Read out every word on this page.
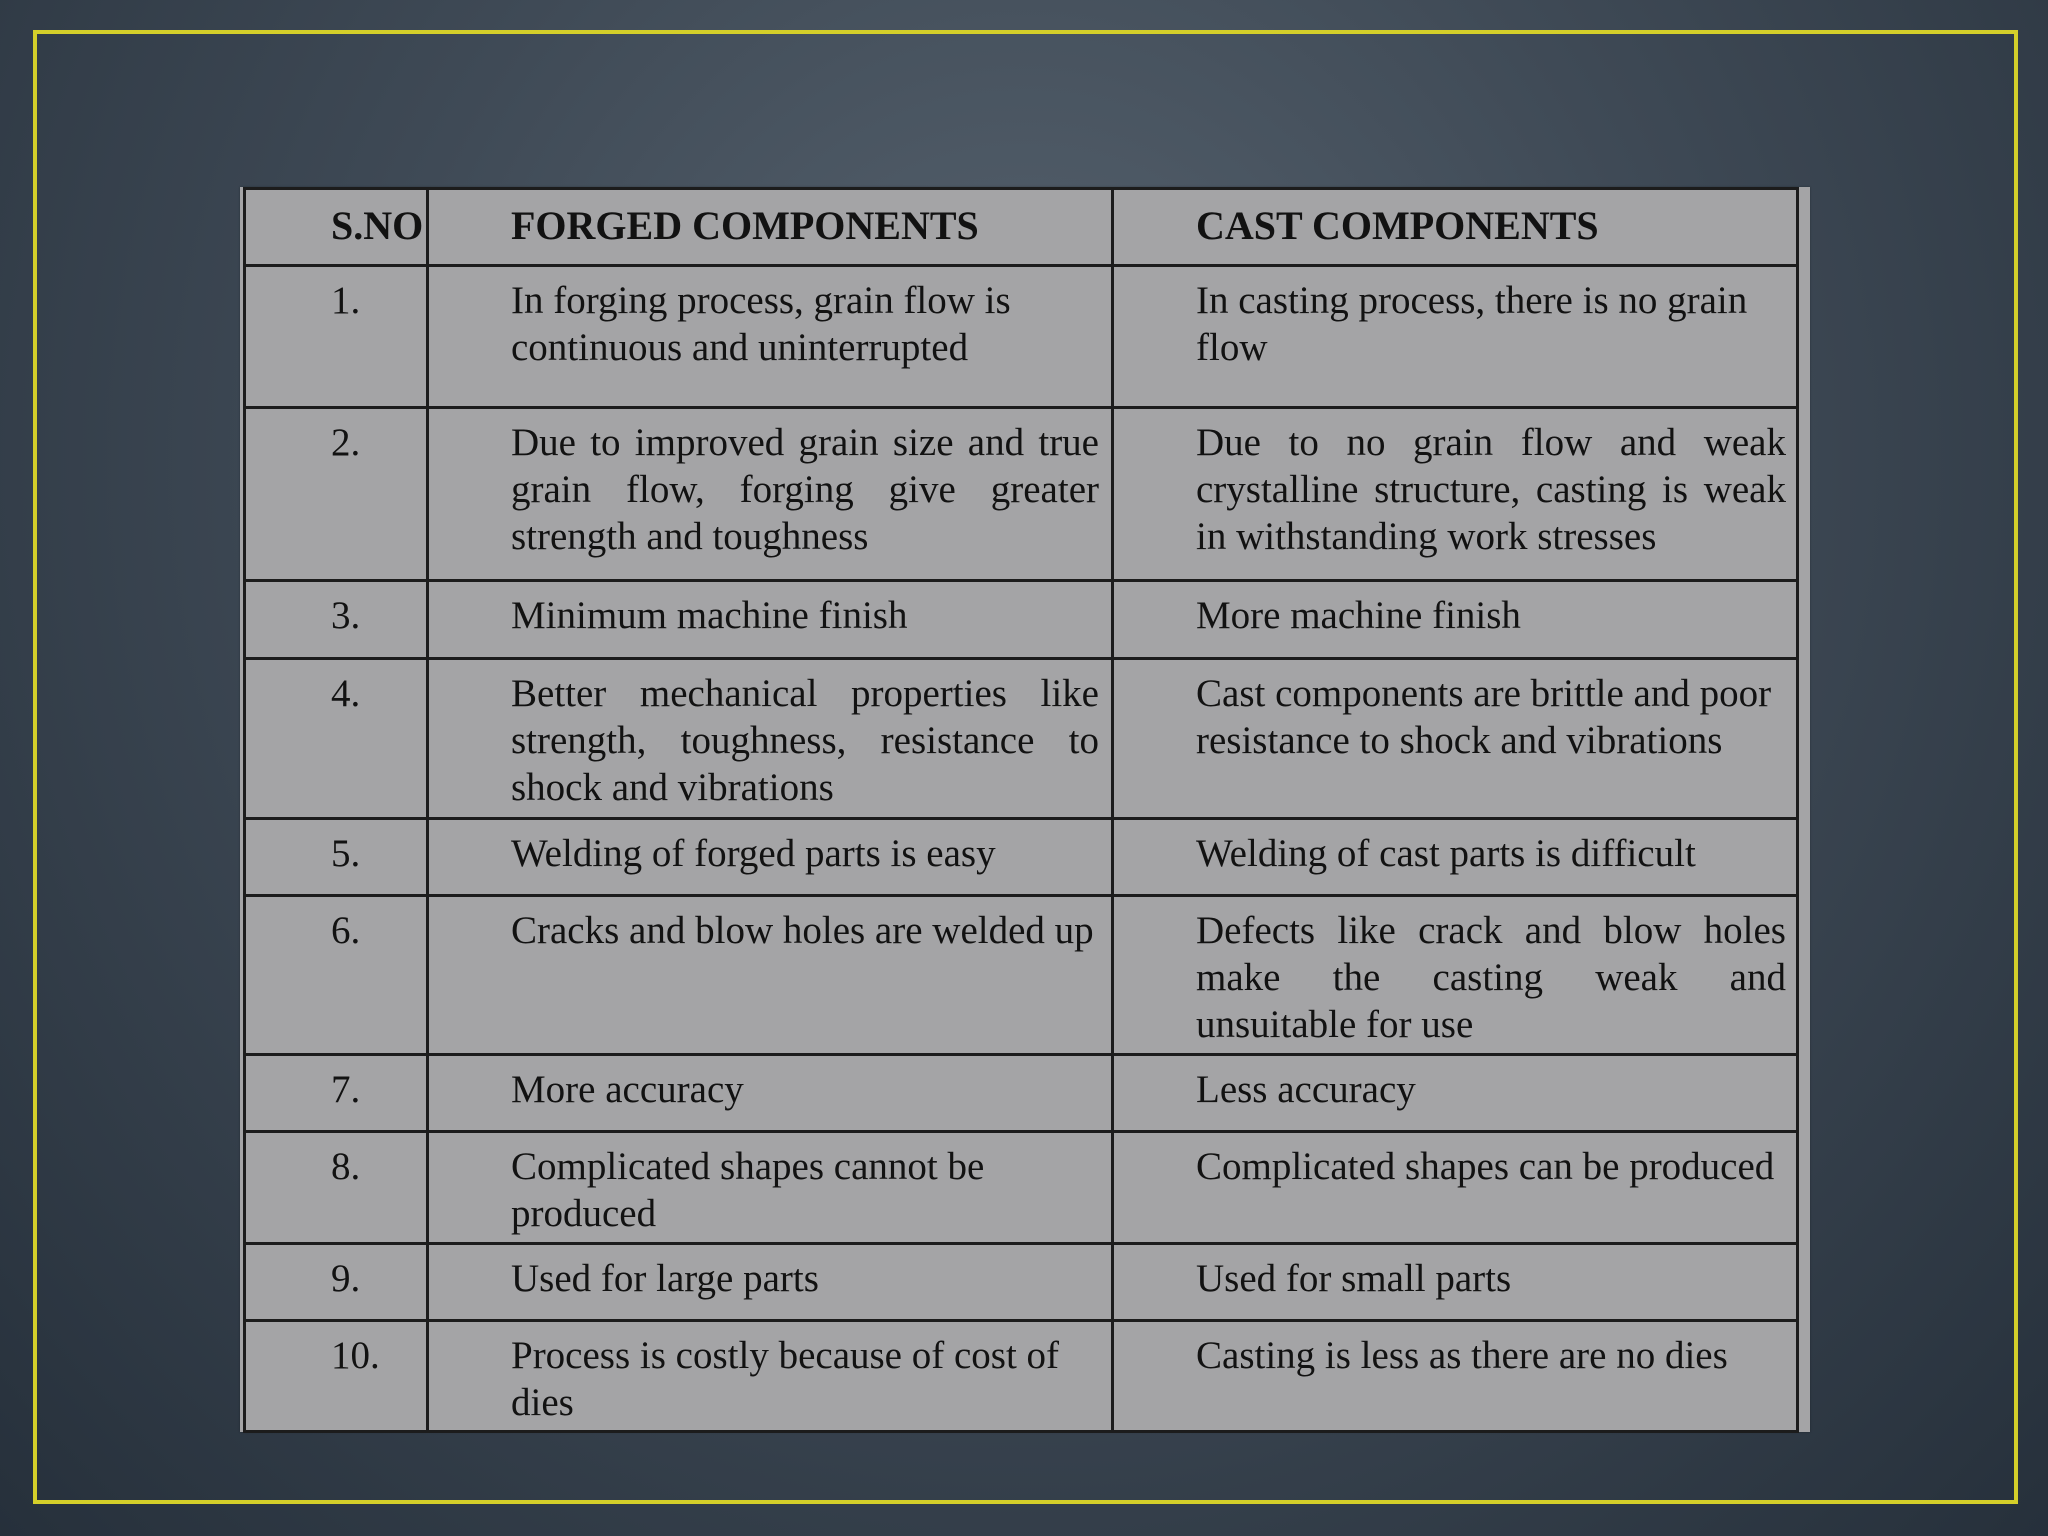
S.NO	FORGED COMPONENTS	CAST COMPONENTS
1.	In forging process, grain flow is continuous and uninterrupted	In casting process, there is no grain flow
2.	Due to improved grain size and true grain flow, forging give greater strength and toughness	Due to no grain flow and weak crystalline structure, casting is weak in withstanding work stresses
3.	Minimum machine finish	More machine finish
4.	Better mechanical properties like strength, toughness, resistance to shock and vibrations	Cast components are brittle and poor resistance to shock and vibrations
5.	Welding of forged parts is easy	Welding of cast parts is difficult
6.	Cracks and blow holes are welded up	Defects like crack and blow holes make the casting weak and unsuitable for use
7.	More accuracy	Less accuracy
8.	Complicated shapes cannot be produced	Complicated shapes can be produced
9.	Used for large parts	Used for small parts
10.	Process is costly because of cost of dies	Casting is less as there are no dies
